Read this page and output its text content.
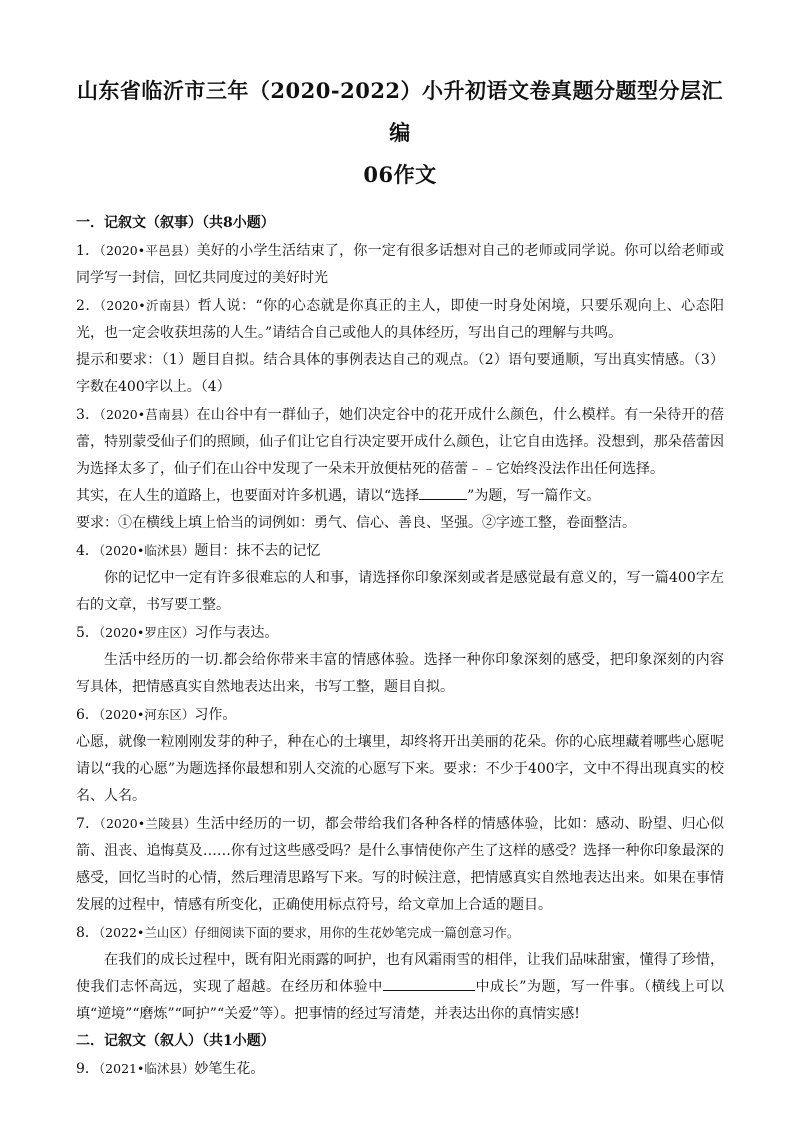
山东省临沂市三年（2020-2022）小升初语文卷真题分题型分层汇编

06作文

一．记叙文（叙事）（共8小题）

1．（2020•平邑县）美好的小学生活结束了，你一定有很多话想对自己的老师或同学说。你可以给老师或同学写一封信，回忆共同度过的美好时光

2．（2020•沂南县）哲人说：“你的心态就是你真正的主人，即使一时身处闲境，只要乐观向上、心态阳光，也一定会收获坦荡的人生。”请结合自己或他人的具体经历，写出自己的理解与共鸣。

提示和要求：（1）题目自拟。结合具体的事例表达自己的观点。（2）语句要通顺，写出真实情感。（3）字数在400字以上。（4）

3．（2020•莒南县）在山谷中有一群仙子，她们决定谷中的花开成什么颜色，什么模样。有一朵待开的蓓蕾，特别蒙受仙子们的照顾，仙子们让它自行决定要开成什么颜色，让它自由选择。没想到，那朵蓓蕾因为选择太多了，仙子们在山谷中发现了一朵未开放便枯死的蓓蕾﹣﹣它始终没法作出任何选择。

其实，在人生的道路上，也要面对许多机遇，请以“选择	”为题，写一篇作文。

要求：①在横线上填上恰当的词例如：勇气、信心、善良、坚强。②字迹工整，卷面整洁。

4．（2020•临沭县）题目：抹不去的记忆

你的记忆中一定有许多很难忘的人和事，请选择你印象深刻或者是感觉最有意义的，写一篇400字左右的文章，书写要工整。

5．（2020•罗庄区）习作与表达。

生活中经历的一切.都会给你带来丰富的情感体验。选择一种你印象深刻的感受，把印象深刻的内容写具体，把情感真实自然地表达出来，书写工整，题目自拟。

6．（2020•河东区）习作。

心愿，就像一粒刚刚发芽的种子，种在心的土壤里，却终将开出美丽的花朵。你的心底埋藏着哪些心愿呢请以“我的心愿”为题选择你最想和别人交流的心愿写下来。要求：不少于400字，文中不得出现真实的校名、人名。

7．（2020•兰陵县）生活中经历的一切，都会带给我们各种各样的情感体验，比如：感动、盼望、归心似箭、沮丧、追悔莫及……你有过这些感受吗？是什么事情使你产生了这样的感受？选择一种你印象最深的感受，回忆当时的心情，然后理清思路写下来。写的时候注意，把情感真实自然地表达出来。如果在事情发展的过程中，情感有所变化，正确使用标点符号，给文章加上合适的题目。

8．（2022•兰山区）仔细阅读下面的要求，用你的生花妙笔完成一篇创意习作。

在我们的成长过程中，既有阳光雨露的呵护，也有风霜雨雪的相伴，让我们品味甜蜜，懂得了珍惜，使我们志怀高远，实现了超越。在经历和体验中	中成长”为题，写一件事。（横线上可以填“逆境”“磨炼”“呵护”“关爱”等）。把事情的经过写清楚，并表达出你的真情实感!

二．记叙文（叙人）（共1小题）

9．（2021•临沭县）妙笔生花。
